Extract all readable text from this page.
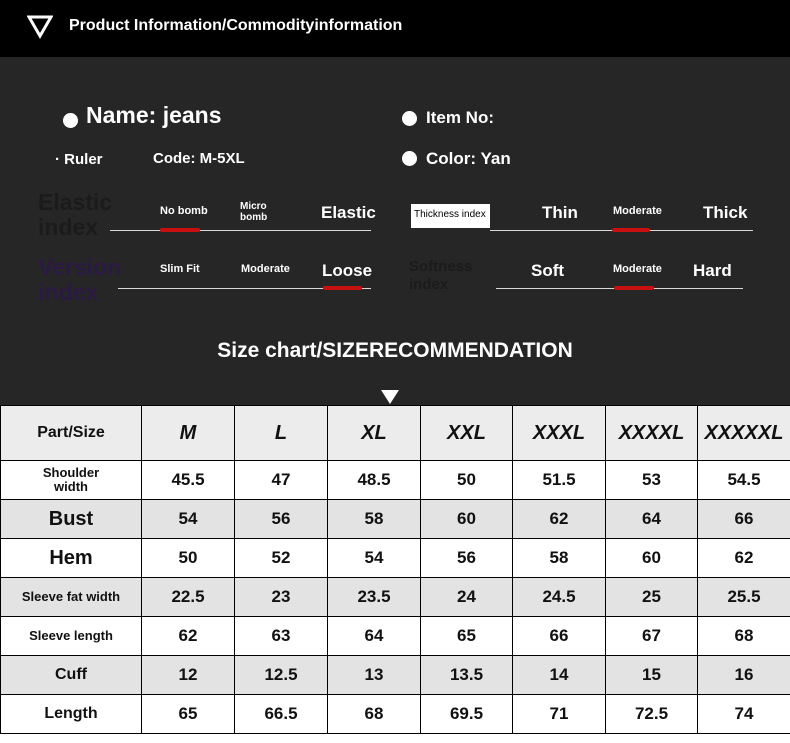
Product Information/Commodityinformation
Name: jeans	Item No:
· Ruler	Code: M-5XL	Color: Yan
Elastic
index
No bomb	Micro bomb	Elastic	Thickness index	Thin	Moderate Thick
Version
index
Slim Fit	Moderate Loose Softness
index
Soft	Moderate Hard
Size chart/SIZERECOMMENDATION
Part/Size	M	L	XL	XXL	XXXL	XXXXL	XXXXXL
Shoulder width	45.5	47	48.5	50	51.5	53	54.5
Bust	54	56	58	60	62	64	66
Hem	50	52	54	56	58	60	62
Sleeve fat width	22.5	23	23.5	24	24.5	25	25.5
Sleeve length	62	63	64	65	66	67	68
Cuff	12	12.5	13	13.5	14	15	16
Length	65	66.5	68	69.5	71	72.5	74
